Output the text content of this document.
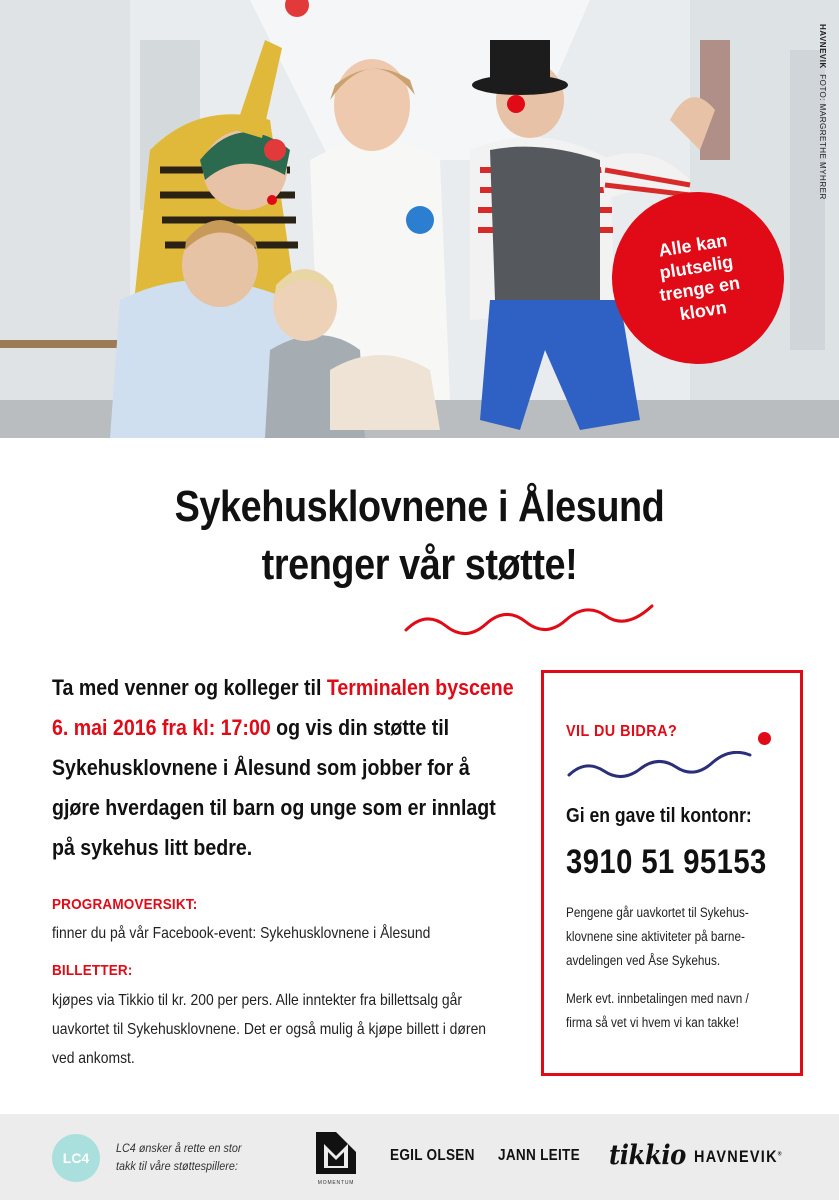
HAVNEVIK  FOTO: MARGRETHE MYHRER
Alle kan
plutselig
trenge en
klovn
Sykehusklovnene i Ålesund
trenger vår støtte!
Ta med venner og kolleger til Terminalen byscene 6. mai 2016 fra kl: 17:00 og vis din støtte til Sykehusklovnene i Ålesund som jobber for å gjøre hverdagen til barn og unge som er innlagt på sykehus litt bedre.
PROGRAMOVERSIKT:
finner du på vår Facebook-event: Sykehusklovnene i Ålesund
BILLETTER:
kjøpes via Tikkio til kr. 200 per pers. Alle inntekter fra billettsalg går uavkortet til Sykehusklovnene. Det er også mulig å kjøpe billett i døren ved ankomst.
VIL DU BIDRA?
Gi en gave til kontonr:
3910 51 95153
Pengene går uavkortet til Sykehus-
klovnene sine aktiviteter på barne-
avdelingen ved Åse Sykehus.
Merk evt. innbetalingen med navn /
firma så vet vi hvem vi kan takke!
LC4
LC4 ønsker å rette en stor
takk til våre støttespillere:
MOMENTUM
EGIL OLSEN JANN LEITE tikkio HAVNEVIK®
